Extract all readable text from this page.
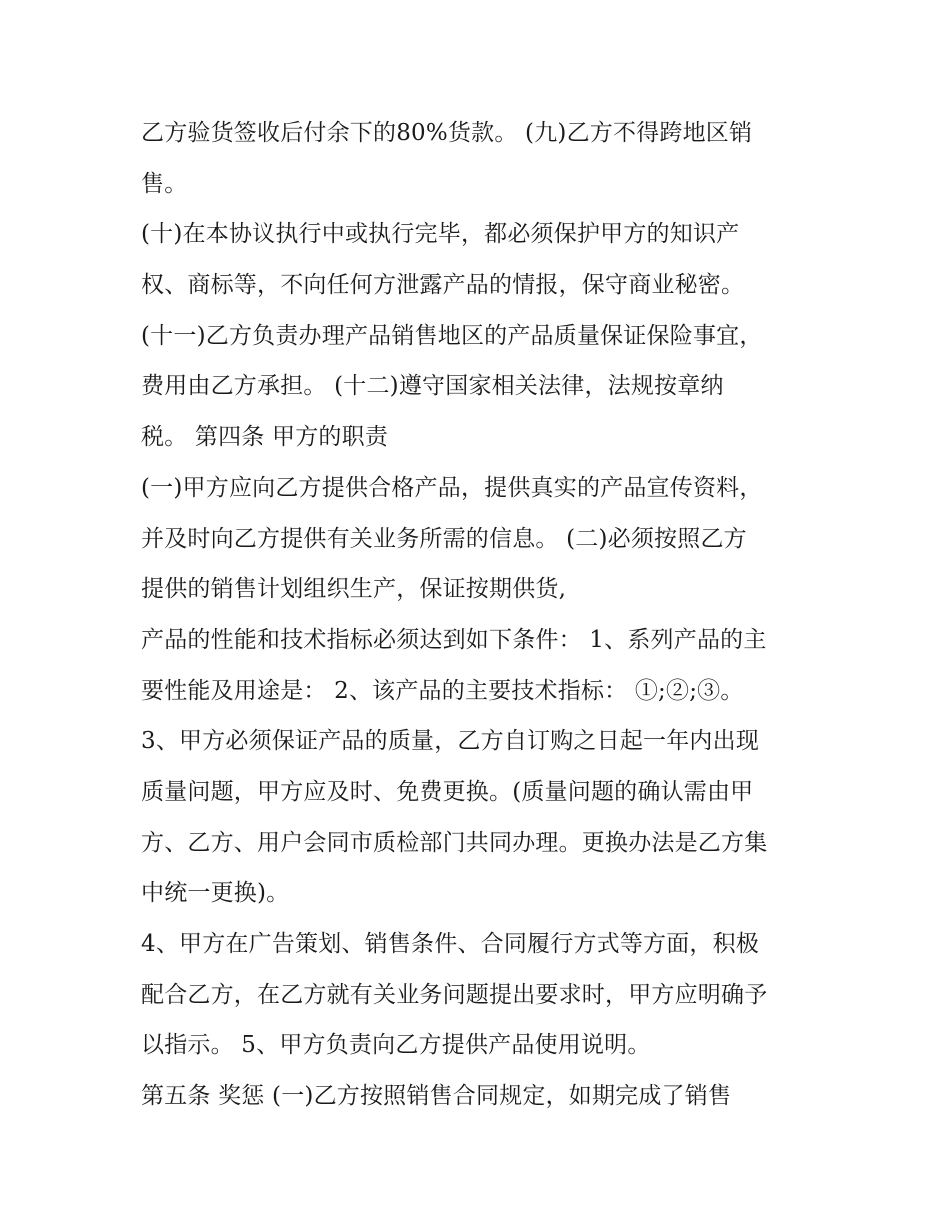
乙方验货签收后付余下的80%货款。 (九)乙方不得跨地区销
售。
(十)在本协议执行中或执行完毕，都必须保护甲方的知识产
权、商标等，不向任何方泄露产品的情报，保守商业秘密。
(十一)乙方负责办理产品销售地区的产品质量保证保险事宜，
费用由乙方承担。 (十二)遵守国家相关法律，法规按章纳
税。 第四条 甲方的职责
(一)甲方应向乙方提供合格产品，提供真实的产品宣传资料，
并及时向乙方提供有关业务所需的信息。 (二)必须按照乙方
提供的销售计划组织生产，保证按期供货,
产品的性能和技术指标必须达到如下条件： 1、系列产品的主
要性能及用途是： 2、该产品的主要技术指标： ①;②;③。
3、甲方必须保证产品的质量，乙方自订购之日起一年内出现
质量问题，甲方应及时、免费更换。(质量问题的确认需由甲
方、乙方、用户会同市质检部门共同办理。更换办法是乙方集
中统一更换)。
4、甲方在广告策划、销售条件、合同履行方式等方面，积极
配合乙方，在乙方就有关业务问题提出要求时，甲方应明确予
以指示。 5、甲方负责向乙方提供产品使用说明。
第五条 奖惩 (一)乙方按照销售合同规定，如期完成了销售
